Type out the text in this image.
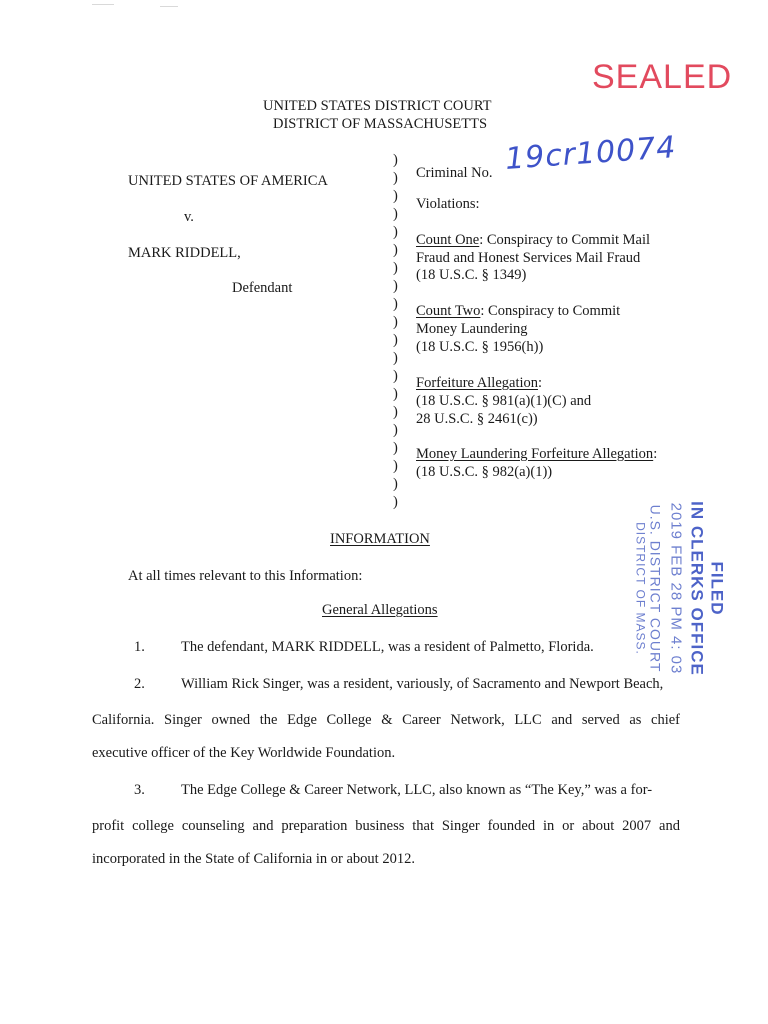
SEALED
UNITED STATES DISTRICT COURT
DISTRICT OF MASSACHUSETTS
UNITED STATES OF AMERICA
v.
MARK RIDDELL,
Defendant
)
)
)
)
)
)
)
)
)
)
)
)
)
)
)
)
)
)
)
)
Criminal No. 19cr10074
Violations:
Count One: Conspiracy to Commit Mail
Fraud and Honest Services Mail Fraud
(18 U.S.C. § 1349)
Count Two: Conspiracy to Commit
Money Laundering
(18 U.S.C. § 1956(h))
Forfeiture Allegation:
(18 U.S.C. § 981(a)(1)(C) and
28 U.S.C. § 2461(c))
Money Laundering Forfeiture Allegation:
(18 U.S.C. § 982(a)(1))
FILED
IN CLERKS OFFICE
2019 FEB 28 PM 4: 03
U.S. DISTRICT COURT
DISTRICT OF MASS.
INFORMATION
At all times relevant to this Information:
General Allegations
1. The defendant, MARK RIDDELL, was a resident of Palmetto, Florida.
2. William Rick Singer, was a resident, variously, of Sacramento and Newport Beach,
California. Singer owned the Edge College & Career Network, LLC and served as chief
executive officer of the Key Worldwide Foundation.
3. The Edge College & Career Network, LLC, also known as “The Key,” was a for-
profit college counseling and preparation business that Singer founded in or about 2007 and
incorporated in the State of California in or about 2012.
